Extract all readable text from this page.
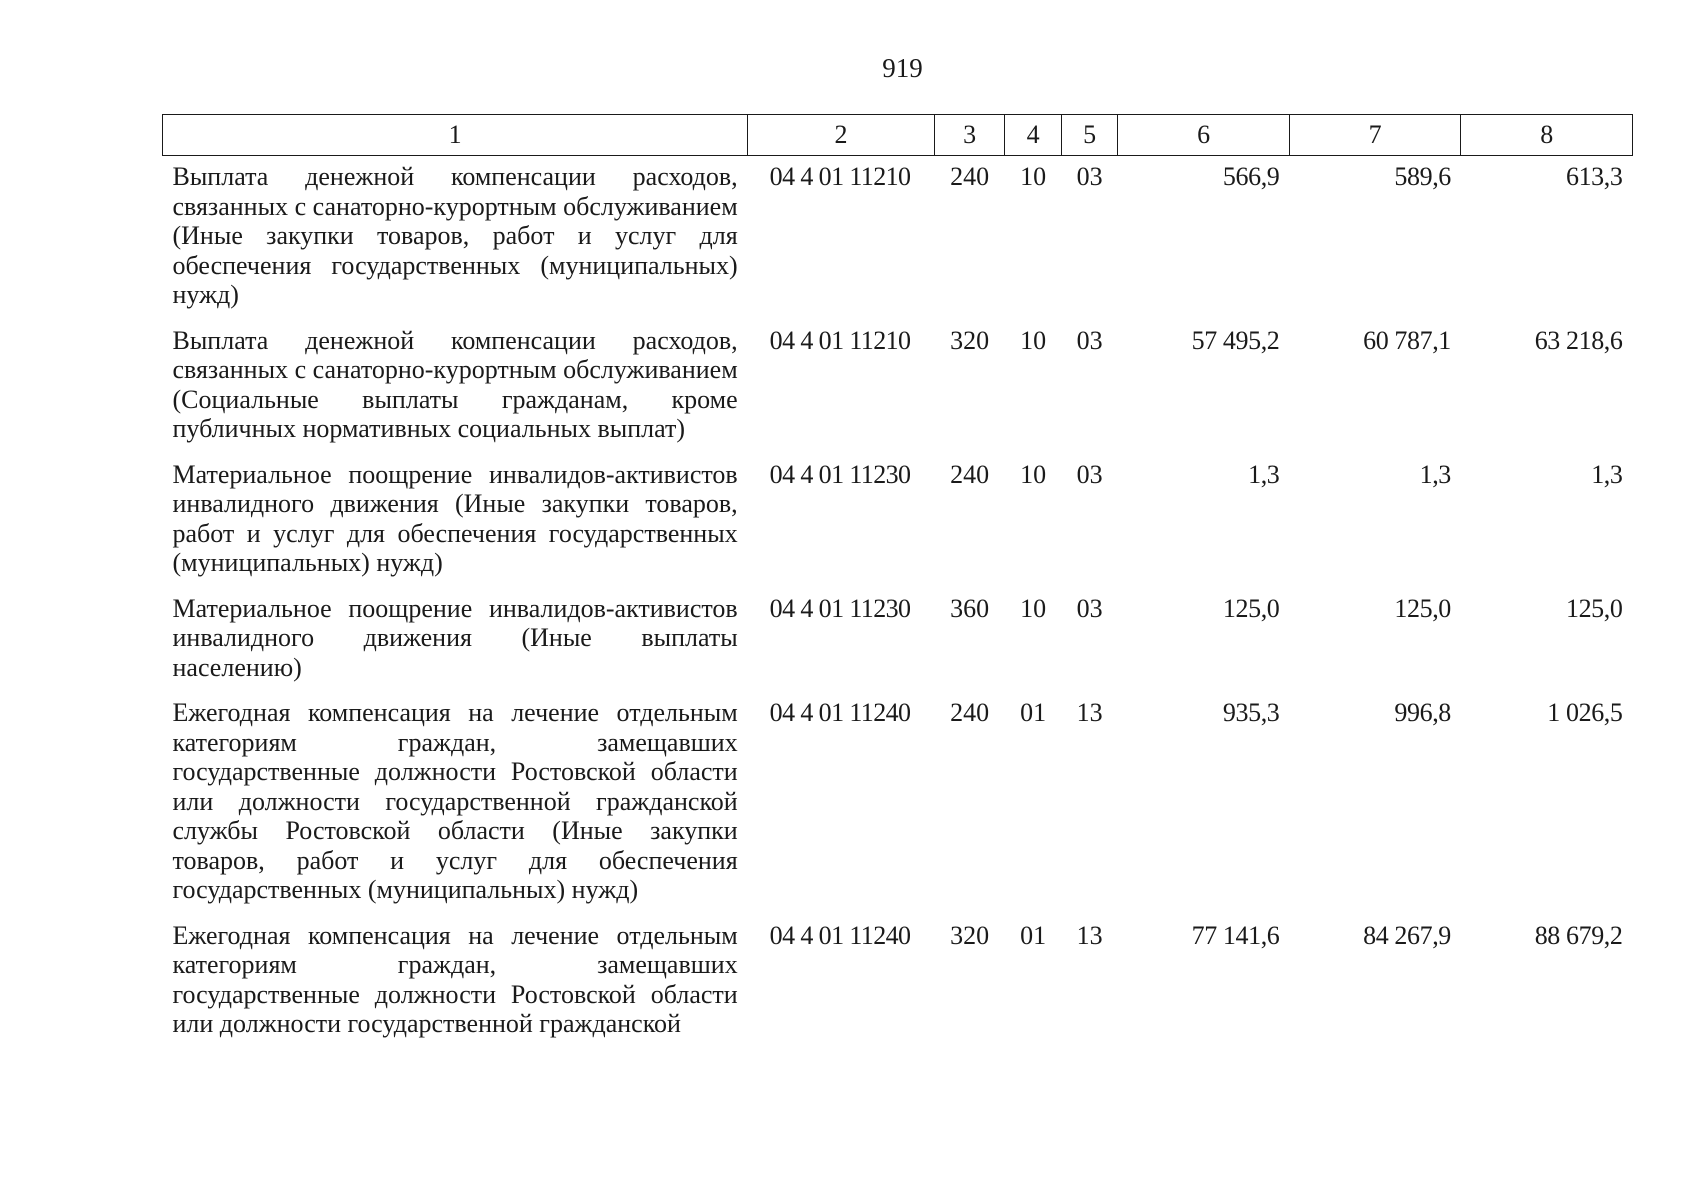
919
1	2	3	4	5	6	7	8

Выплата денежной компенсации расходов, связанных с санаторно-курортным обслуживанием (Иные закупки товаров, работ и услуг для обеспечения государственных (муниципальных) нужд)	04 4 01 11210	240	10	03	566,9	589,6	613,3

Выплата денежной компенсации расходов, связанных с санаторно-курортным обслуживанием (Социальные выплаты гражданам, кроме публичных нормативных социальных выплат)	04 4 01 11210	320	10	03	57 495,2	60 787,1	63 218,6

Материальное поощрение инвалидов-активистов инвалидного движения (Иные закупки товаров, работ и услуг для обеспечения государственных (муниципальных) нужд)	04 4 01 11230	240	10	03	1,3	1,3	1,3

Материальное поощрение инвалидов-активистов инвалидного движения (Иные выплаты населению)	04 4 01 11230	360	10	03	125,0	125,0	125,0

Ежегодная компенсация на лечение отдельным категориям граждан, замещавших государственные должности Ростовской области или должности государственной гражданской службы Ростовской области (Иные закупки товаров, работ и услуг для обеспечения государственных (муниципальных) нужд)	04 4 01 11240	240	01	13	935,3	996,8	1 026,5

Ежегодная компенсация на лечение отдельным категориям граждан, замещавших государственные должности Ростовской области или должности государственной гражданской	04 4 01 11240	320	01	13	77 141,6	84 267,9	88 679,2
